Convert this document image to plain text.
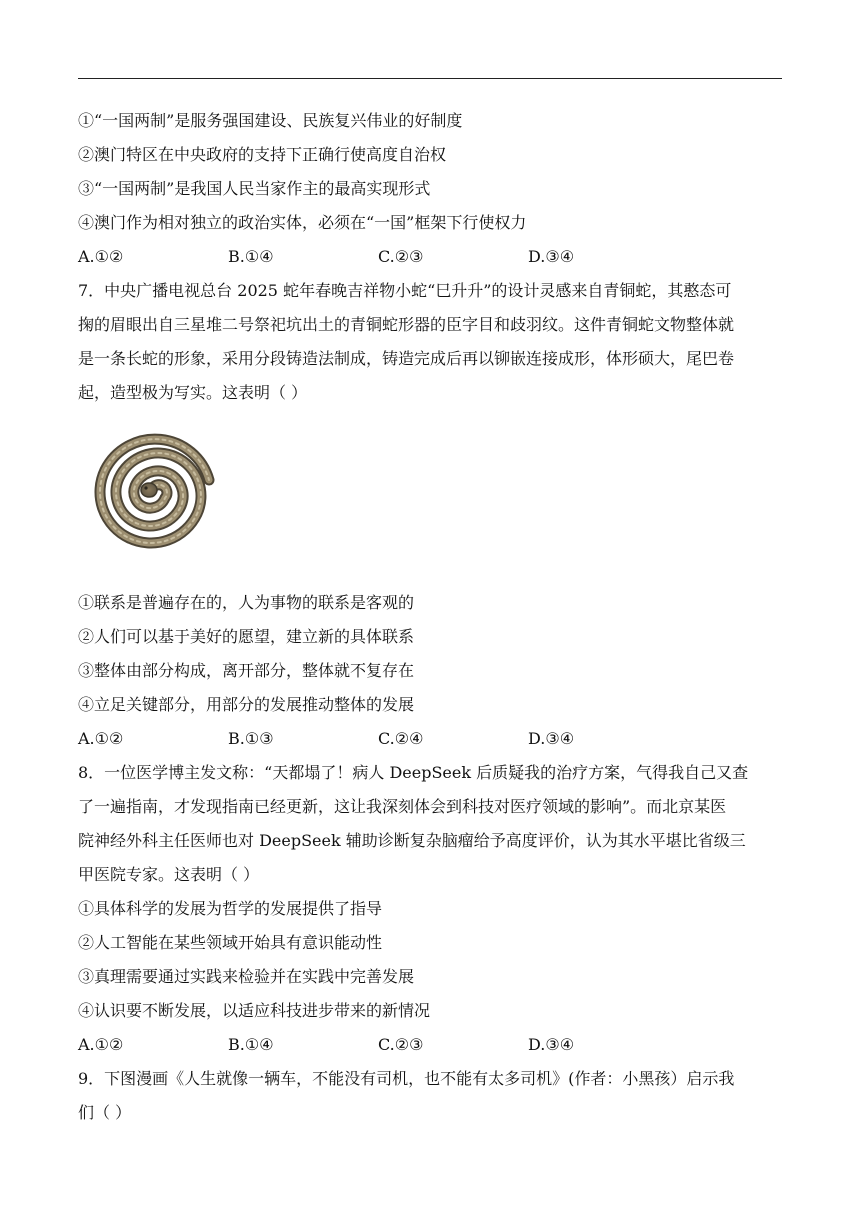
①“一国两制”是服务强国建设、民族复兴伟业的好制度
②澳门特区在中央政府的支持下正确行使高度自治权
③“一国两制”是我国人民当家作主的最高实现形式
④澳门作为相对独立的政治实体，必须在“一国”框架下行使权力
A.①②	B.①④	C.②③	D.③④
7．中央广播电视总台 2025 蛇年春晚吉祥物小蛇“巳升升”的设计灵感来自青铜蛇，其憨态可
掬的眉眼出自三星堆二号祭祀坑出土的青铜蛇形器的臣字目和歧羽纹。这件青铜蛇文物整体就
是一条长蛇的形象，采用分段铸造法制成，铸造完成后再以铆嵌连接成形，体形硕大，尾巴卷
起，造型极为写实。这表明（ ）
①联系是普遍存在的，人为事物的联系是客观的
②人们可以基于美好的愿望，建立新的具体联系
③整体由部分构成，离开部分，整体就不复存在
④立足关键部分，用部分的发展推动整体的发展
A.①②	B.①③	C.②④	D.③④
8．一位医学博主发文称：“天都塌了！病人 DeepSeek 后质疑我的治疗方案，气得我自己又查
了一遍指南，才发现指南已经更新，这让我深刻体会到科技对医疗领域的影响”。而北京某医
院神经外科主任医师也对 DeepSeek 辅助诊断复杂脑瘤给予高度评价，认为其水平堪比省级三
甲医院专家。这表明（ ）
①具体科学的发展为哲学的发展提供了指导
②人工智能在某些领域开始具有意识能动性
③真理需要通过实践来检验并在实践中完善发展
④认识要不断发展，以适应科技进步带来的新情况
A.①②	B.①④	C.②③	D.③④
9．下图漫画《人生就像一辆车，不能没有司机，也不能有太多司机》(作者：小黑孩）启示我
们（ ）
